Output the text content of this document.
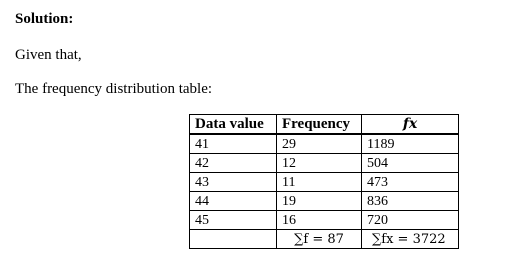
Solution:
Given that,
The frequency distribution table:
Data value	Frequency	fx
41	29	1189
42	12	504
43	11	473
44	19	836
45	16	720
	∑f = 87	∑fx = 3722
